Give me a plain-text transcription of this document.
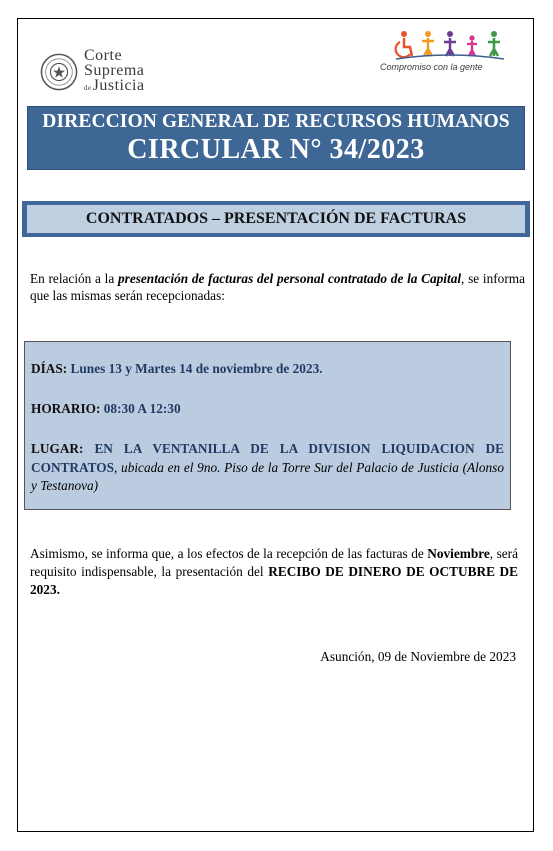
Corte
Suprema
deJusticia
Compromiso con la gente
DIRECCION GENERAL DE RECURSOS HUMANOS
CIRCULAR N° 34/2023
CONTRATADOS – PRESENTACIÓN DE FACTURAS
En relación a la presentación de facturas del personal contratado de la Capital, se informa que las mismas serán recepcionadas:
DÍAS: Lunes 13 y Martes 14 de noviembre de 2023.
HORARIO: 08:30 A 12:30
LUGAR: EN LA VENTANILLA DE LA DIVISION LIQUIDACION DE CONTRATOS, ubicada en el 9no. Piso de la Torre Sur del Palacio de Justicia (Alonso y Testanova)
Asimismo, se informa que, a los efectos de la recepción de las facturas de Noviembre, será requisito indispensable, la presentación del RECIBO DE DINERO DE OCTUBRE DE 2023.
Asunción, 09 de Noviembre de 2023
